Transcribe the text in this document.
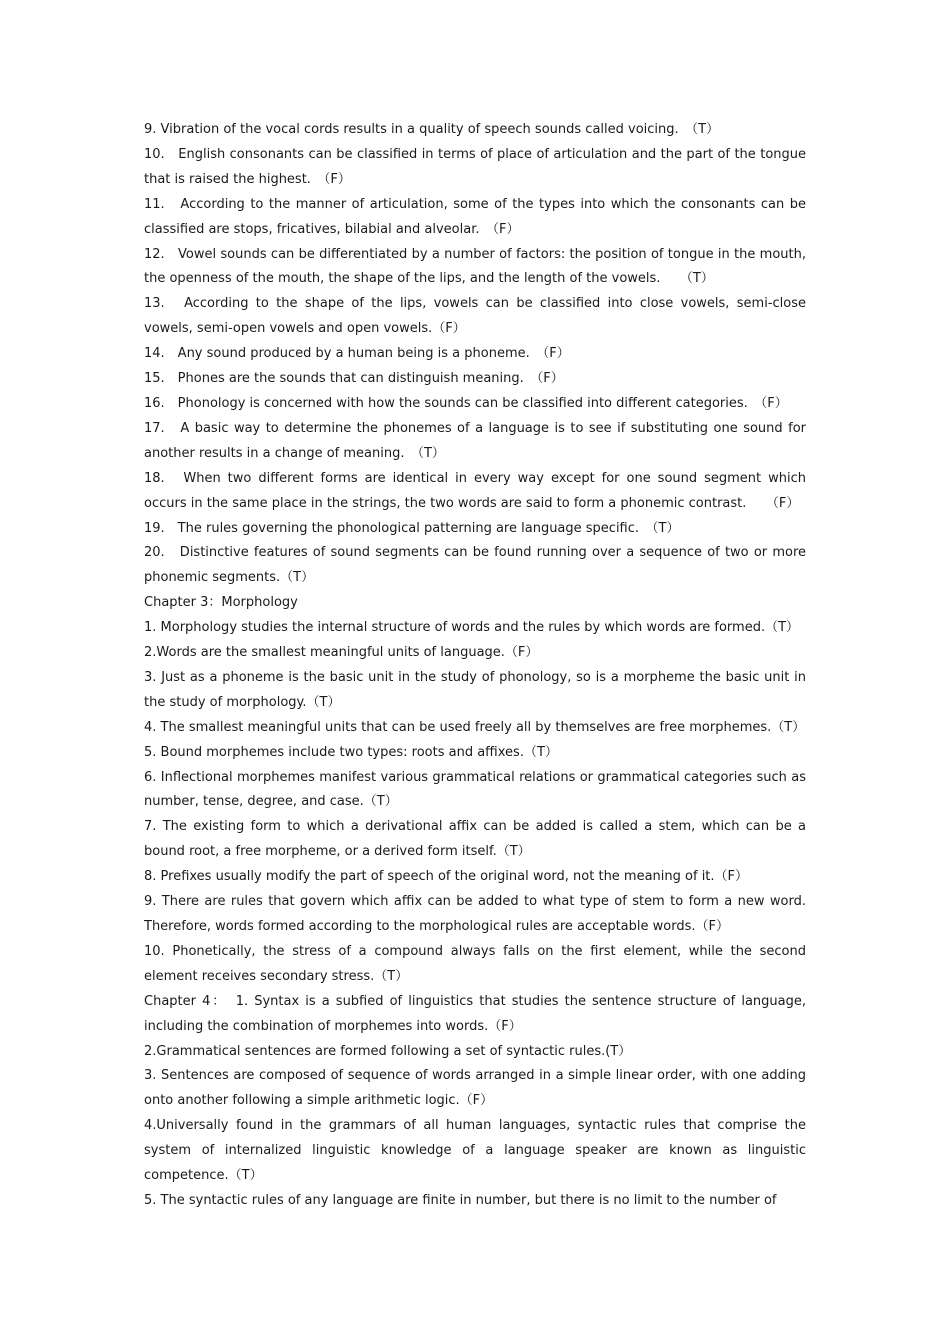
9. Vibration of the vocal cords results in a quality of speech sounds called voicing.　（T）

10.　English consonants can be classified in terms of place of articulation and the part of the tongue that is raised the highest.　（F）

11.　According to the manner of articulation, some of the types into which the consonants can be classified are stops, fricatives, bilabial and alveolar.　（F）

12.　Vowel sounds can be differentiated by a number of factors: the position of tongue in the mouth, the openness of the mouth, the shape of the lips, and the length of the vowels.　　（T）

13.　According to the shape of the lips, vowels can be classified into close vowels, semi-close vowels, semi-open vowels and open vowels.（F）

14.　Any sound produced by a human being is a phoneme.　（F）

15.　Phones are the sounds that can distinguish meaning.　（F）

16.　Phonology is concerned with how the sounds can be classified into different categories.　（F）

17.　A basic way to determine the phonemes of a language is to see if substituting one sound for another results in a change of meaning.　（T）

18.　When two different forms are identical in every way except for one sound segment which occurs in the same place in the strings, the two words are said to form a phonemic contrast.　　（F）

19.　The rules governing the phonological patterning are language specific.　（T）

20.　Distinctive features of sound segments can be found running over a sequence of two or more phonemic segments.（T）

Chapter 3：Morphology

1. Morphology studies the internal structure of words and the rules by which words are formed.（T）

2.Words are the smallest meaningful units of language.（F）

3. Just as a phoneme is the basic unit in the study of phonology, so is a morpheme the basic unit in the study of morphology.（T）

4. The smallest meaningful units that can be used freely all by themselves are free morphemes.（T）

5. Bound morphemes include two types: roots and affixes.（T）

6. Inflectional morphemes manifest various grammatical relations or grammatical categories such as number, tense, degree, and case.（T）

7. The existing form to which a derivational affix can be added is called a stem, which can be a bound root, a free morpheme, or a derived form itself.（T）

8. Prefixes usually modify the part of speech of the original word, not the meaning of it.（F）

9. There are rules that govern which affix can be added to what type of stem to form a new word. Therefore, words formed according to the morphological rules are acceptable words.（F）

10. Phonetically, the stress of a compound always falls on the first element, while the second element receives secondary stress.（T）

Chapter 4：　1. Syntax is a subfied of linguistics that studies the sentence structure of language, including the combination of morphemes into words.（F）

2.Grammatical sentences are formed following a set of syntactic rules.(T）

3. Sentences are composed of sequence of words arranged in a simple linear order, with one adding onto another following a simple arithmetic logic.（F）

4.Universally found in the grammars of all human languages, syntactic rules that comprise the system of internalized linguistic knowledge of a language speaker are known as linguistic competence.（T）

5. The syntactic rules of any language are finite in number, but there is no limit to the number of
